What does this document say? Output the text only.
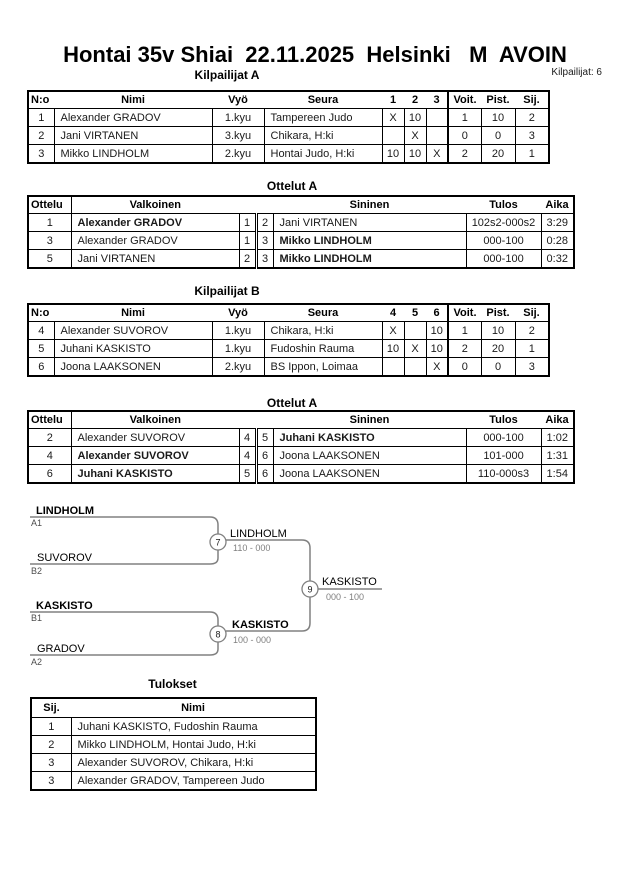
Hontai 35v Shiai  22.11.2025  Helsinki   M  AVOIN
Kilpailijat: 6
Kilpailijat A
N:o	Nimi	Vyö	Seura	1	2	3	Voit.	Pist.	Sij.
1	Alexander GRADOV	1.kyu	Tampereen Judo	X	10		1	10	2
2	Jani VIRTANEN	3.kyu	Chikara, H:ki		X		0	0	3
3	Mikko LINDHOLM	2.kyu	Hontai Judo, H:ki	10	10	X	2	20	1
Ottelut A
Ottelu	Valkoinen			Sininen	Tulos	Aika
1	Alexander GRADOV	1	2	Jani VIRTANEN	102s2-000s2	3:29
3	Alexander GRADOV	1	3	Mikko LINDHOLM	000-100	0:28
5	Jani VIRTANEN	2	3	Mikko LINDHOLM	000-100	0:32
Kilpailijat B
N:o	Nimi	Vyö	Seura	4	5	6	Voit.	Pist.	Sij.
4	Alexander SUVOROV	1.kyu	Chikara, H:ki	X		10	1	10	2
5	Juhani KASKISTO	1.kyu	Fudoshin Rauma	10	X	10	2	20	1
6	Joona LAAKSONEN	2.kyu	BS Ippon, Loimaa			X	0	0	3
Ottelut A
Ottelu	Valkoinen			Sininen	Tulos	Aika
2	Alexander SUVOROV	4	5	Juhani KASKISTO	000-100	1:02
4	Alexander SUVOROV	4	6	Joona LAAKSONEN	101-000	1:31
6	Juhani KASKISTO	5	6	Joona LAAKSONEN	110-000s3	1:54
7
8
9
LINDHOLM
A1
SUVOROV
B2
LINDHOLM
110 - 000
KASKISTO
B1
GRADOV
A2
KASKISTO
100 - 000
KASKISTO
000 - 100
Tulokset
Sij.	Nimi
1	Juhani KASKISTO, Fudoshin Rauma
2	Mikko LINDHOLM, Hontai Judo, H:ki
3	Alexander SUVOROV, Chikara, H:ki
3	Alexander GRADOV, Tampereen Judo
